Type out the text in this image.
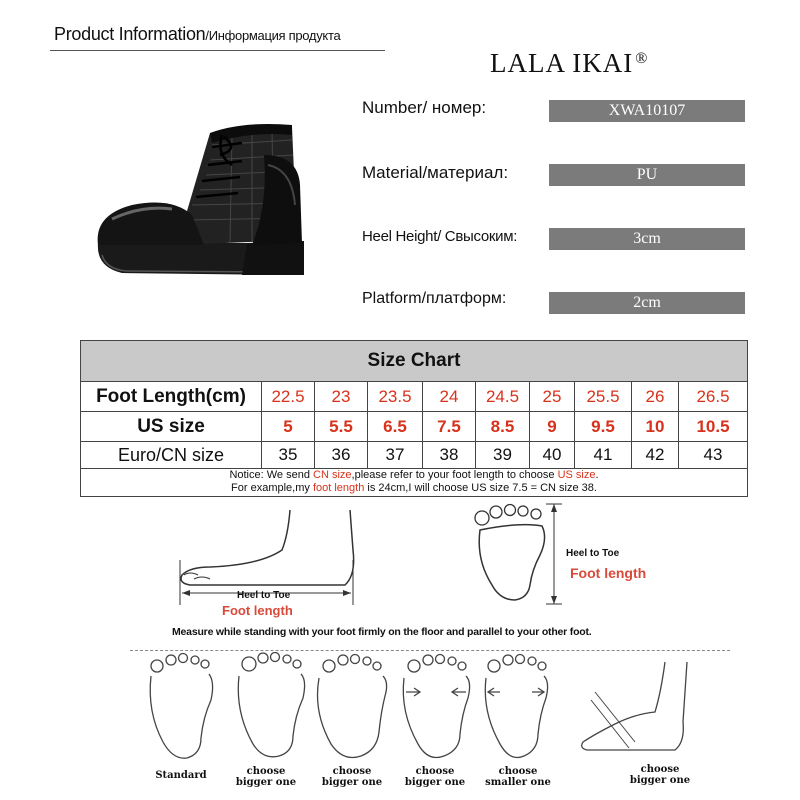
Product Information/Информация продукта
LALA IKAI ®
Number/ номер:	XWA10107
Material/материал:	PU
Heel Height/ Cвысоким:	3cm
Platform/платформ:	2cm
Size Chart
Foot Length(cm)	22.5	23	23.5	24	24.5	25	25.5	26	26.5
US size	5	5.5	6.5	7.5	8.5	9	9.5	10	10.5
Euro/CN size	35	36	37	38	39	40	41	42	43
Notice: We send CN size,please refer to your foot length to choose US size.
For example,my foot length is 24cm,I will choose US size 7.5 = CN size 38.
Heel to Toe
Foot length
Heel to Toe
Foot length
Measure while standing with your foot firmly on the floor and parallel to your other foot.
Standard	choose
bigger one
choose
bigger one
choose
bigger one
choose
smaller one
choose
bigger one
